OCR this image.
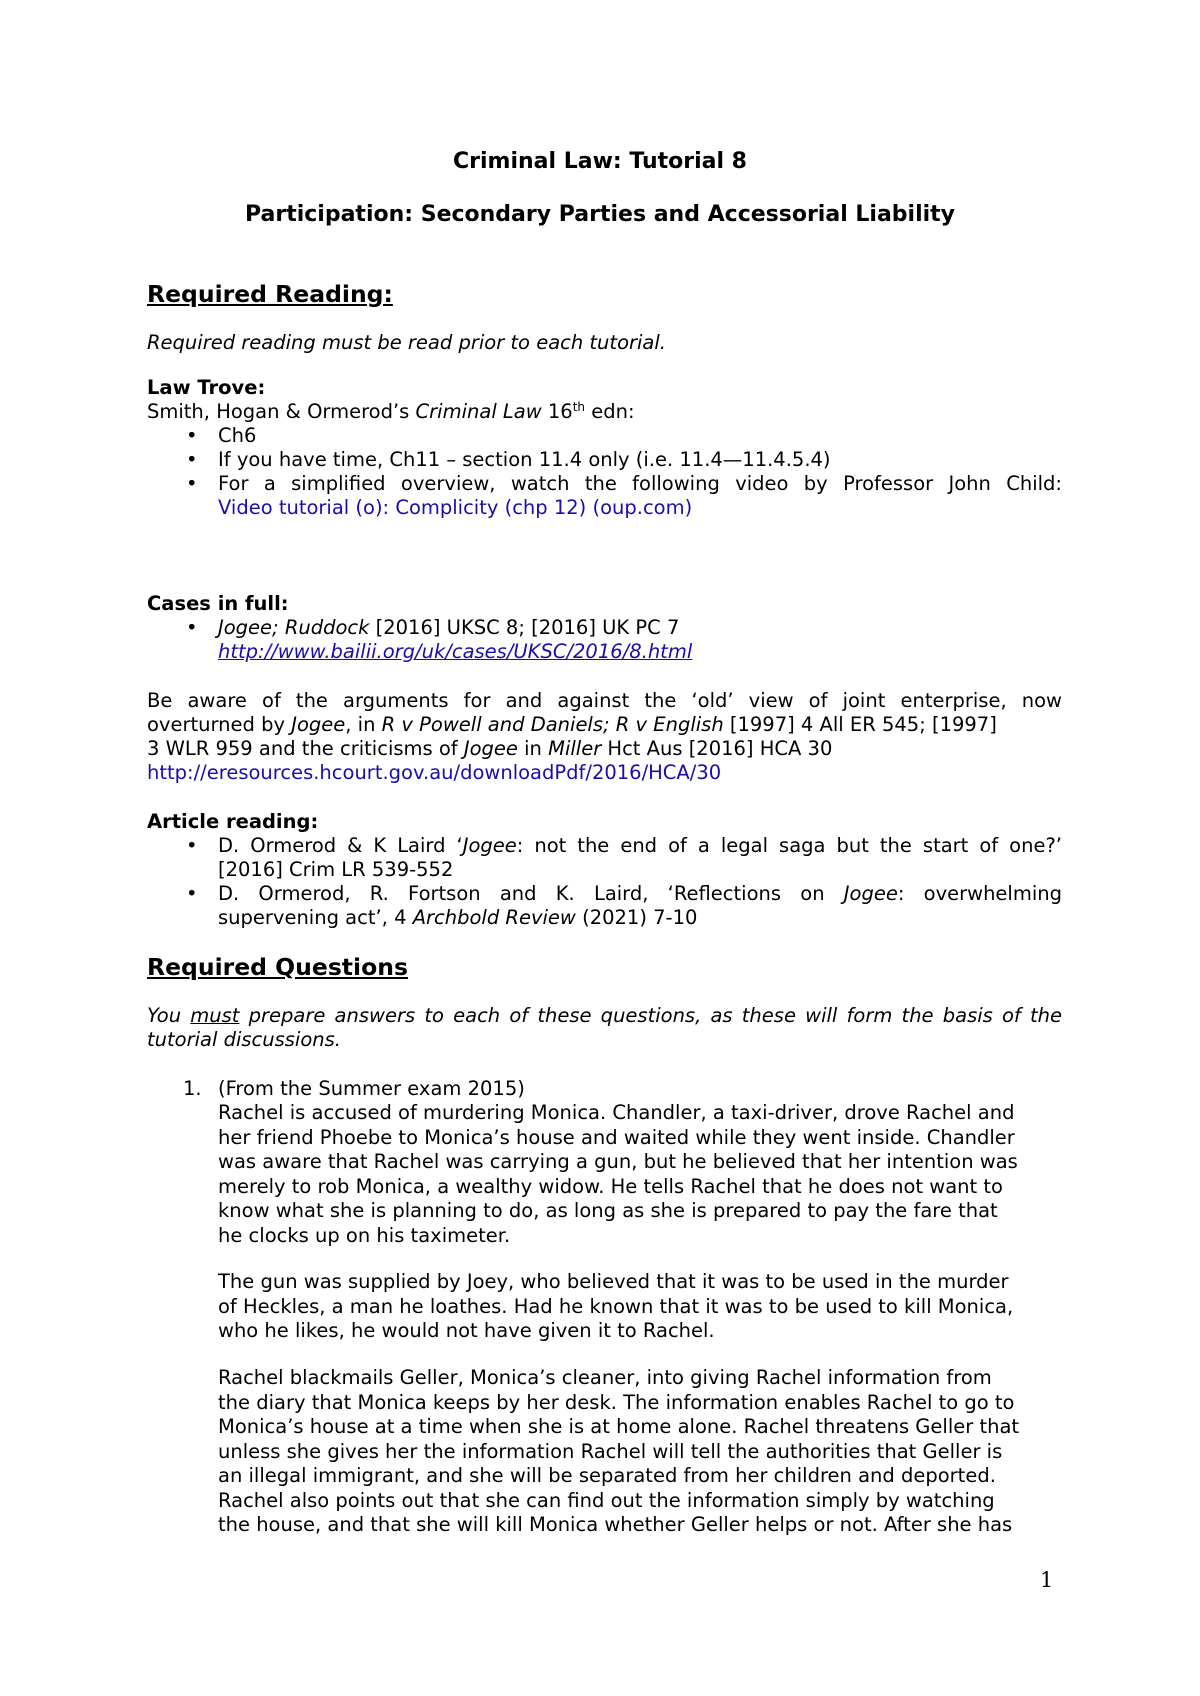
Criminal Law: Tutorial 8
Participation: Secondary Parties and Accessorial Liability
Required Reading:
Required reading must be read prior to each tutorial.
Law Trove:
Smith, Hogan & Ormerod’s Criminal Law 16th edn:
• Ch6
• If you have time, Ch11 – section 11.4 only (i.e. 11.4—11.4.5.4)
• For a simplified overview, watch the following video by Professor John Child:
Video tutorial (o): Complicity (chp 12) (oup.com)
Cases in full:
• Jogee; Ruddock [2016] UKSC 8; [2016] UK PC 7
http://www.bailii.org/uk/cases/UKSC/2016/8.html
Be aware of the arguments for and against the ‘old’ view of joint enterprise, now
overturned by Jogee, in R v Powell and Daniels; R v English [1997] 4 All ER 545; [1997]
3 WLR 959 and the criticisms of Jogee in Miller Hct Aus [2016] HCA 30
http://eresources.hcourt.gov.au/downloadPdf/2016/HCA/30
Article reading:
• D. Ormerod & K Laird ‘Jogee: not the end of a legal saga but the start of one?’
[2016] Crim LR 539-552
• D. Ormerod, R. Fortson and K. Laird, ‘Reflections on Jogee: overwhelming
supervening act’, 4 Archbold Review (2021) 7-10
Required Questions
You must prepare answers to each of these questions, as these will form the basis of the
tutorial discussions.
1. (From the Summer exam 2015)
Rachel is accused of murdering Monica. Chandler, a taxi-driver, drove Rachel and
her friend Phoebe to Monica’s house and waited while they went inside. Chandler
was aware that Rachel was carrying a gun, but he believed that her intention was
merely to rob Monica, a wealthy widow. He tells Rachel that he does not want to
know what she is planning to do, as long as she is prepared to pay the fare that
he clocks up on his taximeter.
The gun was supplied by Joey, who believed that it was to be used in the murder
of Heckles, a man he loathes. Had he known that it was to be used to kill Monica,
who he likes, he would not have given it to Rachel.
Rachel blackmails Geller, Monica’s cleaner, into giving Rachel information from
the diary that Monica keeps by her desk. The information enables Rachel to go to
Monica’s house at a time when she is at home alone. Rachel threatens Geller that
unless she gives her the information Rachel will tell the authorities that Geller is
an illegal immigrant, and she will be separated from her children and deported.
Rachel also points out that she can find out the information simply by watching
the house, and that she will kill Monica whether Geller helps or not. After she has
1
